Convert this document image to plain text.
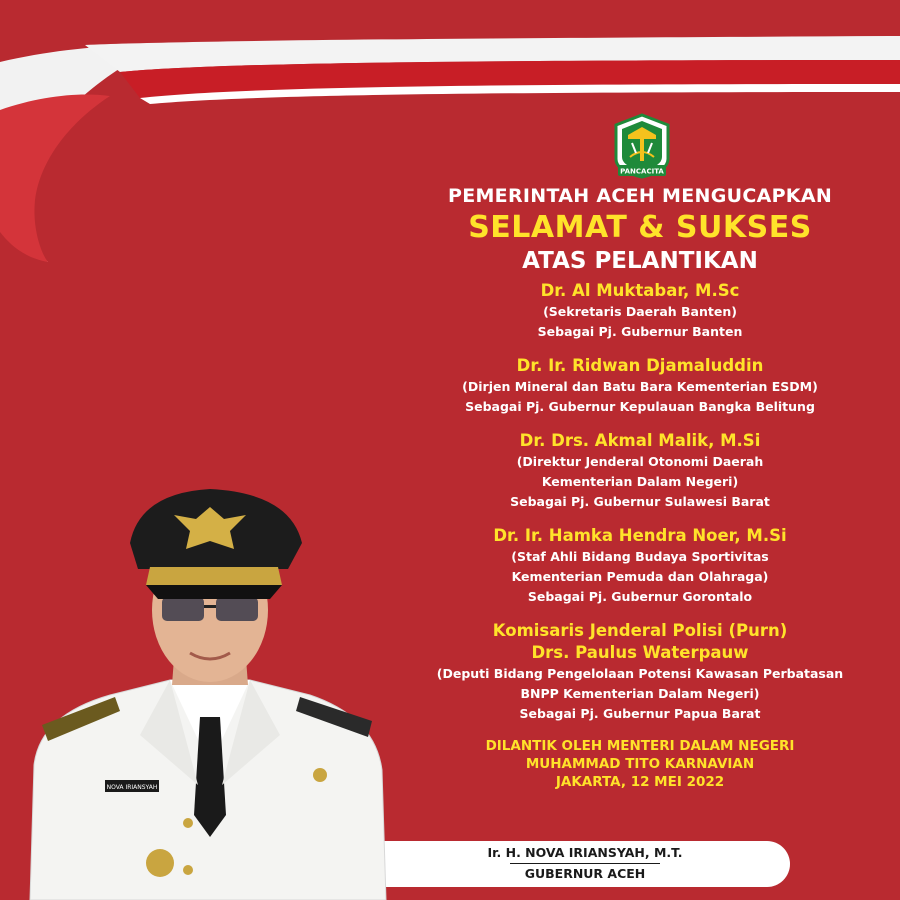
PANCACITA
PEMERINTAH ACEH MENGUCAPKAN
SELAMAT & SUKSES
ATAS PELANTIKAN
Dr. Al Muktabar, M.Sc
(Sekretaris Daerah Banten)
Sebagai Pj. Gubernur Banten
Dr. Ir. Ridwan Djamaluddin
(Dirjen Mineral dan Batu Bara Kementerian ESDM)
Sebagai Pj. Gubernur Kepulauan Bangka Belitung
Dr. Drs. Akmal Malik, M.Si
(Direktur Jenderal Otonomi Daerah
Kementerian Dalam Negeri)
Sebagai Pj. Gubernur Sulawesi Barat
Dr. Ir. Hamka Hendra Noer, M.Si
(Staf Ahli Bidang Budaya Sportivitas
Kementerian Pemuda dan Olahraga)
Sebagai Pj. Gubernur Gorontalo
Komisaris Jenderal Polisi (Purn)
Drs. Paulus Waterpauw
(Deputi Bidang Pengelolaan Potensi Kawasan Perbatasan
BNPP Kementerian Dalam Negeri)
Sebagai Pj. Gubernur Papua Barat
DILANTIK OLEH MENTERI DALAM NEGERI
MUHAMMAD TITO KARNAVIAN
JAKARTA, 12 MEI 2022
Ir. H. NOVA IRIANSYAH, M.T.
GUBERNUR ACEH
NOVA IRIANSYAH
